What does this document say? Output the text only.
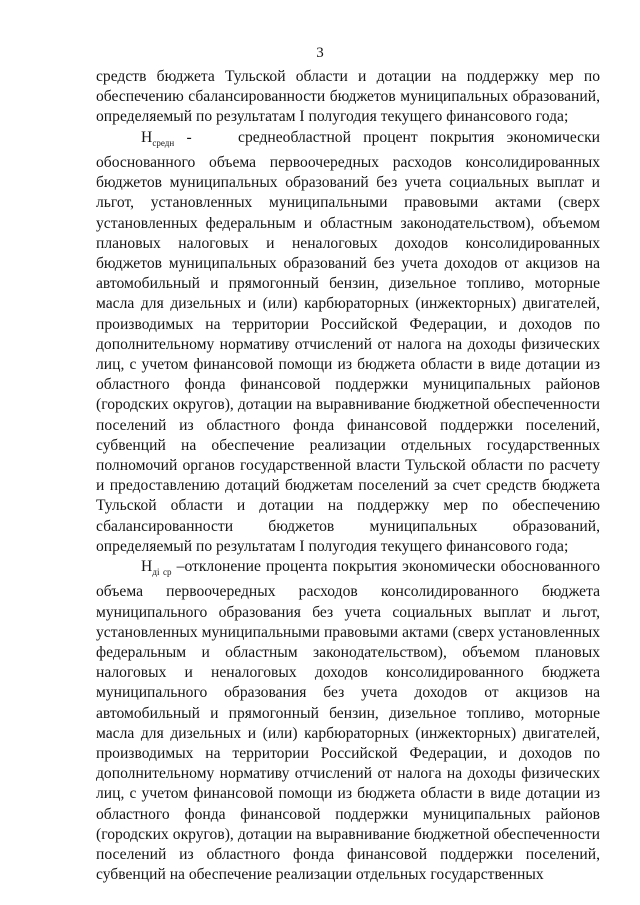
3

средств бюджета Тульской области и дотации на поддержку мер по обеспечению сбалансированности бюджетов муниципальных образований, определяемый по результатам I полугодия текущего финансового года;

$Н_{средн}$ - среднеобластной процент покрытия экономически обоснованного объема первоочередных расходов консолидированных бюджетов муниципальных образований без учета социальных выплат и льгот, установленных муниципальными правовыми актами (сверх установленных федеральным и областным законодательством), объемом плановых налоговых и неналоговых доходов консолидированных бюджетов муниципальных образований без учета доходов от акцизов на автомобильный и прямогонный бензин, дизельное топливо, моторные масла для дизельных и (или) карбюраторных (инжекторных) двигателей, производимых на территории Российской Федерации, и доходов по дополнительному нормативу отчислений от налога на доходы физических лиц, с учетом финансовой помощи из бюджета области в виде дотации из областного фонда финансовой поддержки муниципальных районов (городских округов), дотации на выравнивание бюджетной обеспеченности поселений из областного фонда финансовой поддержки поселений, субвенций на обеспечение реализации отдельных государственных полномочий органов государственной власти Тульской области по расчету и предоставлению дотаций бюджетам поселений за счет средств бюджета Тульской области и дотации на поддержку мер по обеспечению сбалансированности бюджетов муниципальных образований, определяемый по результатам I полугодия текущего финансового года;

$Н_{дi ср}$ –отклонение процента покрытия экономически обоснованного объема первоочередных расходов консолидированного бюджета муниципального образования без учета социальных выплат и льгот, установленных муниципальными правовыми актами (сверх установленных федеральным и областным законодательством), объемом плановых налоговых и неналоговых доходов консолидированного бюджета муниципального образования без учета доходов от акцизов на автомобильный и прямогонный бензин, дизельное топливо, моторные масла для дизельных и (или) карбюраторных (инжекторных) двигателей, производимых на территории Российской Федерации, и доходов по дополнительному нормативу отчислений от налога на доходы физических лиц, с учетом финансовой помощи из бюджета области в виде дотации из областного фонда финансовой поддержки муниципальных районов (городских округов), дотации на выравнивание бюджетной обеспеченности поселений из областного фонда финансовой поддержки поселений, субвенций на обеспечение реализации отдельных государственных
